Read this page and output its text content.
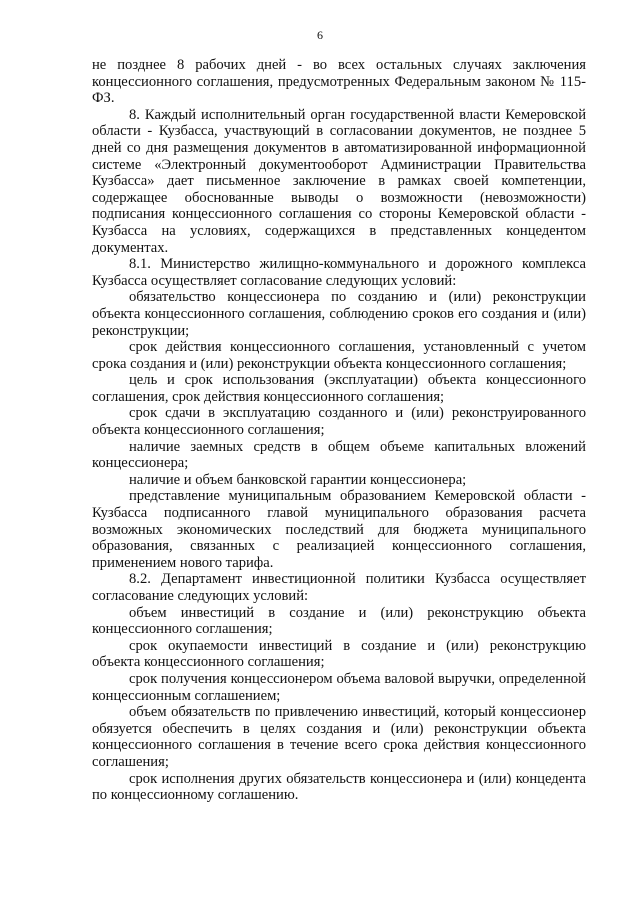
6

не позднее 8 рабочих дней - во всех остальных случаях заключения концессионного соглашения, предусмотренных Федеральным законом № 115-ФЗ.

8. Каждый исполнительный орган государственной власти Кемеровской области - Кузбасса, участвующий в согласовании документов, не позднее 5 дней со дня размещения документов в автоматизированной информационной системе «Электронный документооборот Администрации Правительства Кузбасса» дает письменное заключение в рамках своей компетенции, содержащее обоснованные выводы о возможности (невозможности) подписания концессионного соглашения со стороны Кемеровской области - Кузбасса на условиях, содержащихся в представленных концедентом документах.

8.1. Министерство жилищно-коммунального и дорожного комплекса Кузбасса осуществляет согласование следующих условий:

обязательство концессионера по созданию и (или) реконструкции объекта концессионного соглашения, соблюдению сроков его создания и (или) реконструкции;

срок действия концессионного соглашения, установленный с учетом срока создания и (или) реконструкции объекта концессионного соглашения;

цель и срок использования (эксплуатации) объекта концессионного соглашения, срок действия концессионного соглашения;

срок сдачи в эксплуатацию созданного и (или) реконструированного объекта концессионного соглашения;

наличие заемных средств в общем объеме капитальных вложений концессионера;

наличие и объем банковской гарантии концессионера;

представление муниципальным образованием Кемеровской области - Кузбасса подписанного главой муниципального образования расчета возможных экономических последствий для бюджета муниципального образования, связанных с реализацией концессионного соглашения, применением нового тарифа.

8.2. Департамент инвестиционной политики Кузбасса осуществляет согласование следующих условий:

объем инвестиций в создание и (или) реконструкцию объекта концессионного соглашения;

срок окупаемости инвестиций в создание и (или) реконструкцию объекта концессионного соглашения;

срок получения концессионером объема валовой выручки, определенной концессионным соглашением;

объем обязательств по привлечению инвестиций, который концессионер обязуется обеспечить в целях создания и (или) реконструкции объекта концессионного соглашения в течение всего срока действия концессионного соглашения;

срок исполнения других обязательств концессионера и (или) концедента по концессионному соглашению.
